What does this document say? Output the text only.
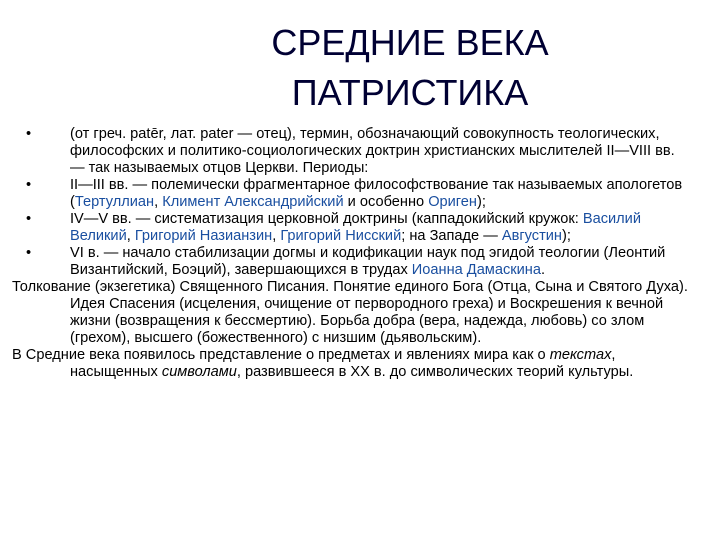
СРЕДНИЕ ВЕКА
ПАТРИСТИКА
•	(от греч. patēr, лат. pater — отец), термин, обозначающий совокупность теологических, философских и политико-социологических доктрин христианских мыслителей II—VIII вв. — так называемых отцов Церкви. Периоды:
•	II—III вв. — полемически фрагментарное философствование так называемых апологетов (Тертуллиан, Климент Александрийский и особенно Ориген);
•	IV—V вв. — систематизация церковной доктрины (каппадокийский кружок: Василий Великий, Григорий Назианзин, Григорий Нисский; на Западе — Августин);
•	VI в. — начало стабилизации догмы и кодификации наук под эгидой теологии (Леонтий Византийский, Боэций), завершающихся в трудах Иоанна Дамаскина.
Толкование (экзегетика) Священного Писания. Понятие единого Бога (Отца, Сына и Святого Духа). Идея Спасения (исцеления, очищение от первородного греха) и Воскрешения к вечной жизни (возвращения к бессмертию). Борьба добра (вера, надежда, любовь) со злом (грехом), высшего (божественного) с низшим (дьявольским).
В Средние века появилось представление о предметах и явлениях мира как о текстах, насыщенных символами, развившееся в XX в. до символических теорий культуры.
